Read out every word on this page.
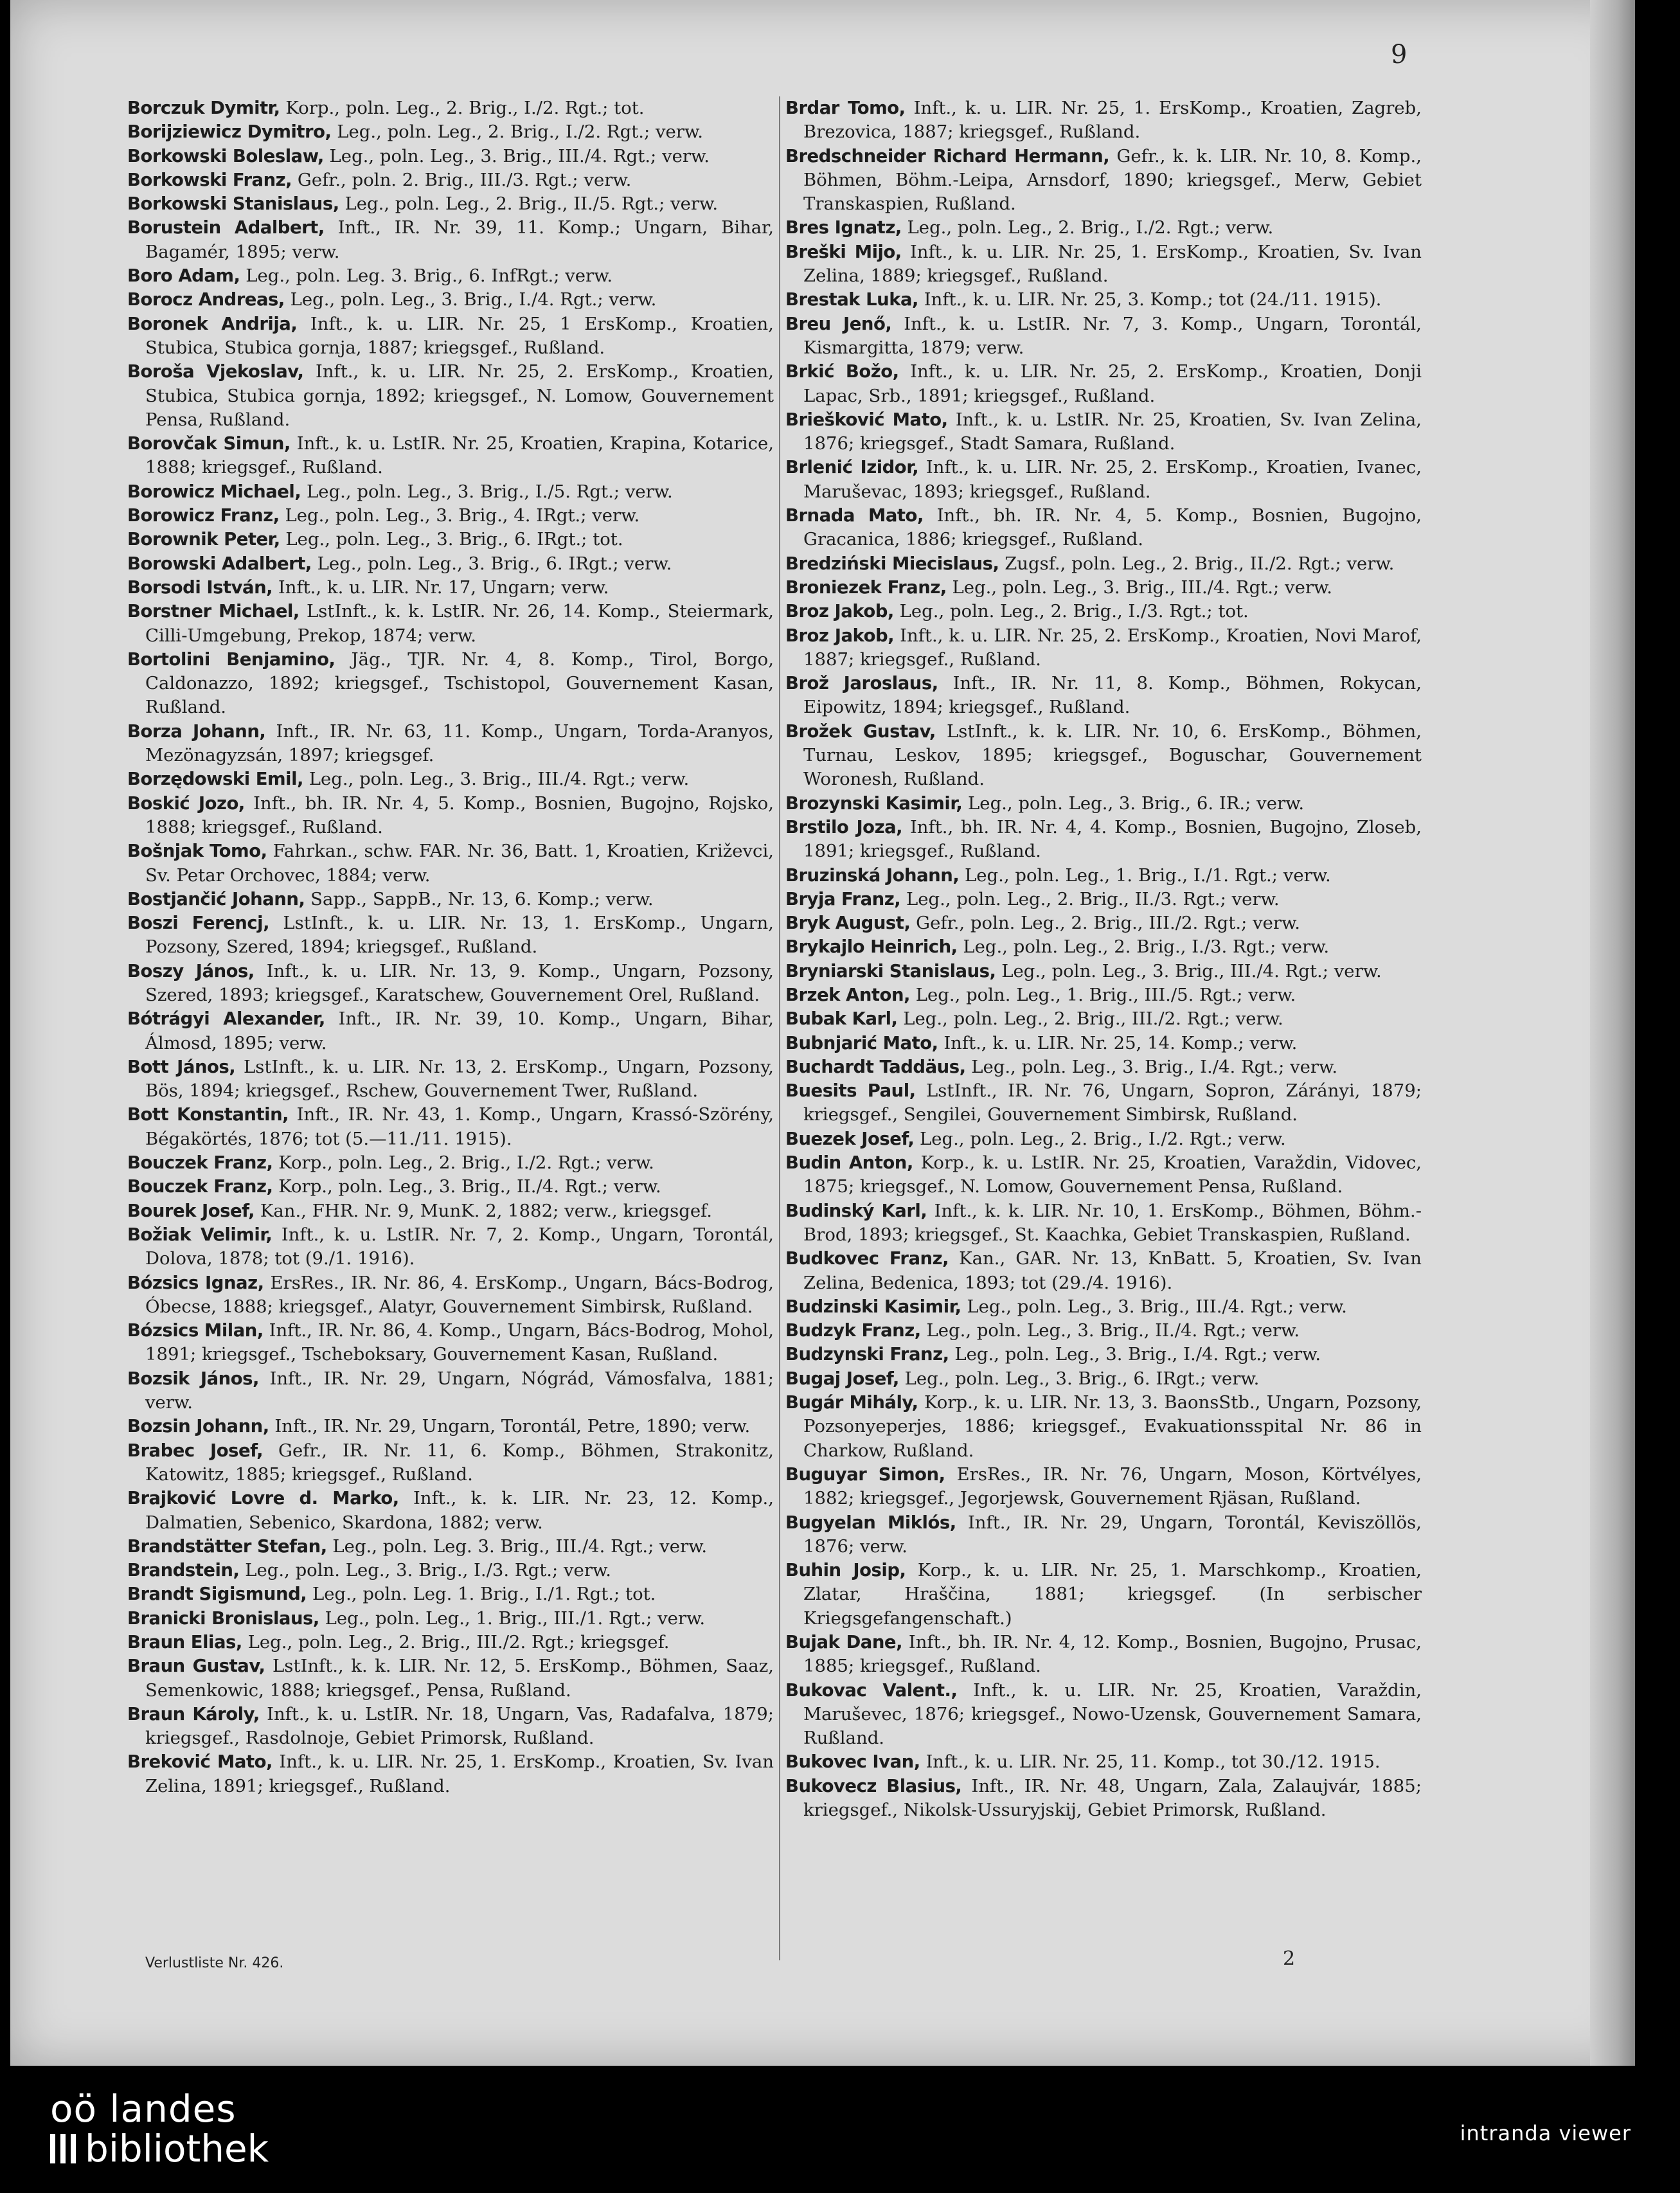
9
Borczuk Dymitr, Korp., poln. Leg., 2. Brig., I./2. Rgt.; tot.
Borijziewicz Dymitro, Leg., poln. Leg., 2. Brig., I./2. Rgt.; verw.
Borkowski Boleslaw, Leg., poln. Leg., 3. Brig., III./4. Rgt.; verw.
Borkowski Franz, Gefr., poln. 2. Brig., III./3. Rgt.; verw.
Borkowski Stanislaus, Leg., poln. Leg., 2. Brig., II./5. Rgt.; verw.
Borustein Adalbert, Inft., IR. Nr. 39, 11. Komp.; Ungarn, Bihar, Bagamér, 1895; verw.
Boro Adam, Leg., poln. Leg. 3. Brig., 6. InfRgt.; verw.
Borocz Andreas, Leg., poln. Leg., 3. Brig., I./4. Rgt.; verw.
Boronek Andrija, Inft., k. u. LIR. Nr. 25, 1 ErsKomp., Kroatien, Stubica, Stubica gornja, 1887; kriegsgef., Rußland.
Boroša Vjekoslav, Inft., k. u. LIR. Nr. 25, 2. ErsKomp., Kroatien, Stubica, Stubica gornja, 1892; kriegsgef., N. Lomow, Gouvernement Pensa, Rußland.
Borovčak Simun, Inft., k. u. LstIR. Nr. 25, Kroatien, Krapina, Kotarice, 1888; kriegsgef., Rußland.
Borowicz Michael, Leg., poln. Leg., 3. Brig., I./5. Rgt.; verw.
Borowicz Franz, Leg., poln. Leg., 3. Brig., 4. IRgt.; verw.
Borownik Peter, Leg., poln. Leg., 3. Brig., 6. IRgt.; tot.
Borowski Adalbert, Leg., poln. Leg., 3. Brig., 6. IRgt.; verw.
Borsodi István, Inft., k. u. LIR. Nr. 17, Ungarn; verw.
Borstner Michael, LstInft., k. k. LstIR. Nr. 26, 14. Komp., Steiermark, Cilli-Umgebung, Prekop, 1874; verw.
Bortolini Benjamino, Jäg., TJR. Nr. 4, 8. Komp., Tirol, Borgo, Caldonazzo, 1892; kriegsgef., Tschistopol, Gouvernement Kasan, Rußland.
Borza Johann, Inft., IR. Nr. 63, 11. Komp., Ungarn, Torda-Aranyos, Mezönagyzsán, 1897; kriegsgef.
Borzędowski Emil, Leg., poln. Leg., 3. Brig., III./4. Rgt.; verw.
Boskić Jozo, Inft., bh. IR. Nr. 4, 5. Komp., Bosnien, Bugojno, Rojsko, 1888; kriegsgef., Rußland.
Bošnjak Tomo, Fahrkan., schw. FAR. Nr. 36, Batt. 1, Kroatien, Križevci, Sv. Petar Orchovec, 1884; verw.
Bostjančić Johann, Sapp., SappB., Nr. 13, 6. Komp.; verw.
Boszi Ferencj, LstInft., k. u. LIR. Nr. 13, 1. ErsKomp., Ungarn, Pozsony, Szered, 1894; kriegsgef., Rußland.
Boszy János, Inft., k. u. LIR. Nr. 13, 9. Komp., Ungarn, Pozsony, Szered, 1893; kriegsgef., Karatschew, Gouvernement Orel, Rußland.
Bótrágyi Alexander, Inft., IR. Nr. 39, 10. Komp., Ungarn, Bihar, Álmosd, 1895; verw.
Bott János, LstInft., k. u. LIR. Nr. 13, 2. ErsKomp., Ungarn, Pozsony, Bös, 1894; kriegsgef., Rschew, Gouvernement Twer, Rußland.
Bott Konstantin, Inft., IR. Nr. 43, 1. Komp., Ungarn, Krassó-Szörény, Bégakörtés, 1876; tot (5.—11./11. 1915).
Bouczek Franz, Korp., poln. Leg., 2. Brig., I./2. Rgt.; verw.
Bouczek Franz, Korp., poln. Leg., 3. Brig., II./4. Rgt.; verw.
Bourek Josef, Kan., FHR. Nr. 9, MunK. 2, 1882; verw., kriegsgef.
Božiak Velimir, Inft., k. u. LstIR. Nr. 7, 2. Komp., Ungarn, Torontál, Dolova, 1878; tot (9./1. 1916).
Bózsics Ignaz, ErsRes., IR. Nr. 86, 4. ErsKomp., Ungarn, Bács-Bodrog, Óbecse, 1888; kriegsgef., Alatyr, Gouvernement Simbirsk, Rußland.
Bózsics Milan, Inft., IR. Nr. 86, 4. Komp., Ungarn, Bács-Bodrog, Mohol, 1891; kriegsgef., Tscheboksary, Gouvernement Kasan, Rußland.
Bozsik János, Inft., IR. Nr. 29, Ungarn, Nógrád, Vámosfalva, 1881; verw.
Bozsin Johann, Inft., IR. Nr. 29, Ungarn, Torontál, Petre, 1890; verw.
Brabec Josef, Gefr., IR. Nr. 11, 6. Komp., Böhmen, Strakonitz, Katowitz, 1885; kriegsgef., Rußland.
Brajković Lovre d. Marko, Inft., k. k. LIR. Nr. 23, 12. Komp., Dalmatien, Sebenico, Skardona, 1882; verw.
Brandstätter Stefan, Leg., poln. Leg. 3. Brig., III./4. Rgt.; verw.
Brandstein, Leg., poln. Leg., 3. Brig., I./3. Rgt.; verw.
Brandt Sigismund, Leg., poln. Leg. 1. Brig., I./1. Rgt.; tot.
Branicki Bronislaus, Leg., poln. Leg., 1. Brig., III./1. Rgt.; verw.
Braun Elias, Leg., poln. Leg., 2. Brig., III./2. Rgt.; kriegsgef.
Braun Gustav, LstInft., k. k. LIR. Nr. 12, 5. ErsKomp., Böhmen, Saaz, Semenkowic, 1888; kriegsgef., Pensa, Rußland.
Braun Károly, Inft., k. u. LstIR. Nr. 18, Ungarn, Vas, Radafalva, 1879; kriegsgef., Rasdolnoje, Gebiet Primorsk, Rußland.
Breković Mato, Inft., k. u. LIR. Nr. 25, 1. ErsKomp., Kroatien, Sv. Ivan Zelina, 1891; kriegsgef., Rußland.
Brdar Tomo, Inft., k. u. LIR. Nr. 25, 1. ErsKomp., Kroatien, Zagreb, Brezovica, 1887; kriegsgef., Rußland.
Bredschneider Richard Hermann, Gefr., k. k. LIR. Nr. 10, 8. Komp., Böhmen, Böhm.-Leipa, Arnsdorf, 1890; kriegsgef., Merw, Gebiet Transkaspien, Rußland.
Bres Ignatz, Leg., poln. Leg., 2. Brig., I./2. Rgt.; verw.
Breški Mijo, Inft., k. u. LIR. Nr. 25, 1. ErsKomp., Kroatien, Sv. Ivan Zelina, 1889; kriegsgef., Rußland.
Brestak Luka, Inft., k. u. LIR. Nr. 25, 3. Komp.; tot (24./11. 1915).
Breu Jenő, Inft., k. u. LstIR. Nr. 7, 3. Komp., Ungarn, Torontál, Kismargitta, 1879; verw.
Brkić Božo, Inft., k. u. LIR. Nr. 25, 2. ErsKomp., Kroatien, Donji Lapac, Srb., 1891; kriegsgef., Rußland.
Briešković Mato, Inft., k. u. LstIR. Nr. 25, Kroatien, Sv. Ivan Zelina, 1876; kriegsgef., Stadt Samara, Rußland.
Brlenić Izidor, Inft., k. u. LIR. Nr. 25, 2. ErsKomp., Kroatien, Ivanec, Maruševac, 1893; kriegsgef., Rußland.
Brnada Mato, Inft., bh. IR. Nr. 4, 5. Komp., Bosnien, Bugojno, Gracanica, 1886; kriegsgef., Rußland.
Bredziński Miecislaus, Zugsf., poln. Leg., 2. Brig., II./2. Rgt.; verw.
Broniezek Franz, Leg., poln. Leg., 3. Brig., III./4. Rgt.; verw.
Broz Jakob, Leg., poln. Leg., 2. Brig., I./3. Rgt.; tot.
Broz Jakob, Inft., k. u. LIR. Nr. 25, 2. ErsKomp., Kroatien, Novi Marof, 1887; kriegsgef., Rußland.
Brož Jaroslaus, Inft., IR. Nr. 11, 8. Komp., Böhmen, Rokycan, Eipowitz, 1894; kriegsgef., Rußland.
Brožek Gustav, LstInft., k. k. LIR. Nr. 10, 6. ErsKomp., Böhmen, Turnau, Leskov, 1895; kriegsgef., Boguschar, Gouvernement Woronesh, Rußland.
Brozynski Kasimir, Leg., poln. Leg., 3. Brig., 6. IR.; verw.
Brstilo Joza, Inft., bh. IR. Nr. 4, 4. Komp., Bosnien, Bugojno, Zloseb, 1891; kriegsgef., Rußland.
Bruzinská Johann, Leg., poln. Leg., 1. Brig., I./1. Rgt.; verw.
Bryja Franz, Leg., poln. Leg., 2. Brig., II./3. Rgt.; verw.
Bryk August, Gefr., poln. Leg., 2. Brig., III./2. Rgt.; verw.
Brykajlo Heinrich, Leg., poln. Leg., 2. Brig., I./3. Rgt.; verw.
Bryniarski Stanislaus, Leg., poln. Leg., 3. Brig., III./4. Rgt.; verw.
Brzek Anton, Leg., poln. Leg., 1. Brig., III./5. Rgt.; verw.
Bubak Karl, Leg., poln. Leg., 2. Brig., III./2. Rgt.; verw.
Bubnjarić Mato, Inft., k. u. LIR. Nr. 25, 14. Komp.; verw.
Buchardt Taddäus, Leg., poln. Leg., 3. Brig., I./4. Rgt.; verw.
Buesits Paul, LstInft., IR. Nr. 76, Ungarn, Sopron, Zárányi, 1879; kriegsgef., Sengilei, Gouvernement Simbirsk, Rußland.
Buezek Josef, Leg., poln. Leg., 2. Brig., I./2. Rgt.; verw.
Budin Anton, Korp., k. u. LstIR. Nr. 25, Kroatien, Varaždin, Vidovec, 1875; kriegsgef., N. Lomow, Gouvernement Pensa, Rußland.
Budinský Karl, Inft., k. k. LIR. Nr. 10, 1. ErsKomp., Böhmen, Böhm.-Brod, 1893; kriegsgef., St. Kaachka, Gebiet Transkaspien, Rußland.
Budkovec Franz, Kan., GAR. Nr. 13, KnBatt. 5, Kroatien, Sv. Ivan Zelina, Bedenica, 1893; tot (29./4. 1916).
Budzinski Kasimir, Leg., poln. Leg., 3. Brig., III./4. Rgt.; verw.
Budzyk Franz, Leg., poln. Leg., 3. Brig., II./4. Rgt.; verw.
Budzynski Franz, Leg., poln. Leg., 3. Brig., I./4. Rgt.; verw.
Bugaj Josef, Leg., poln. Leg., 3. Brig., 6. IRgt.; verw.
Bugár Mihály, Korp., k. u. LIR. Nr. 13, 3. BaonsStb., Ungarn, Pozsony, Pozsonyeperjes, 1886; kriegsgef., Evakuationsspital Nr. 86 in Charkow, Rußland.
Buguyar Simon, ErsRes., IR. Nr. 76, Ungarn, Moson, Körtvélyes, 1882; kriegsgef., Jegorjewsk, Gouvernement Rjäsan, Rußland.
Bugyelan Miklós, Inft., IR. Nr. 29, Ungarn, Torontál, Keviszöllös, 1876; verw.
Buhin Josip, Korp., k. u. LIR. Nr. 25, 1. Marschkomp., Kroatien, Zlatar, Hraščina, 1881; kriegsgef. (In serbischer Kriegsgefangenschaft.)
Bujak Dane, Inft., bh. IR. Nr. 4, 12. Komp., Bosnien, Bugojno, Prusac, 1885; kriegsgef., Rußland.
Bukovac Valent., Inft., k. u. LIR. Nr. 25, Kroatien, Varaždin, Maruševec, 1876; kriegsgef., Nowo-Uzensk, Gouvernement Samara, Rußland.
Bukovec Ivan, Inft., k. u. LIR. Nr. 25, 11. Komp., tot 30./12. 1915.
Bukovecz Blasius, Inft., IR. Nr. 48, Ungarn, Zala, Zalaujvár, 1885; kriegsgef., Nikolsk-Ussuryjskij, Gebiet Primorsk, Rußland.
Verlustliste Nr. 426.	2
oö landes
bibliothek	intranda viewer
